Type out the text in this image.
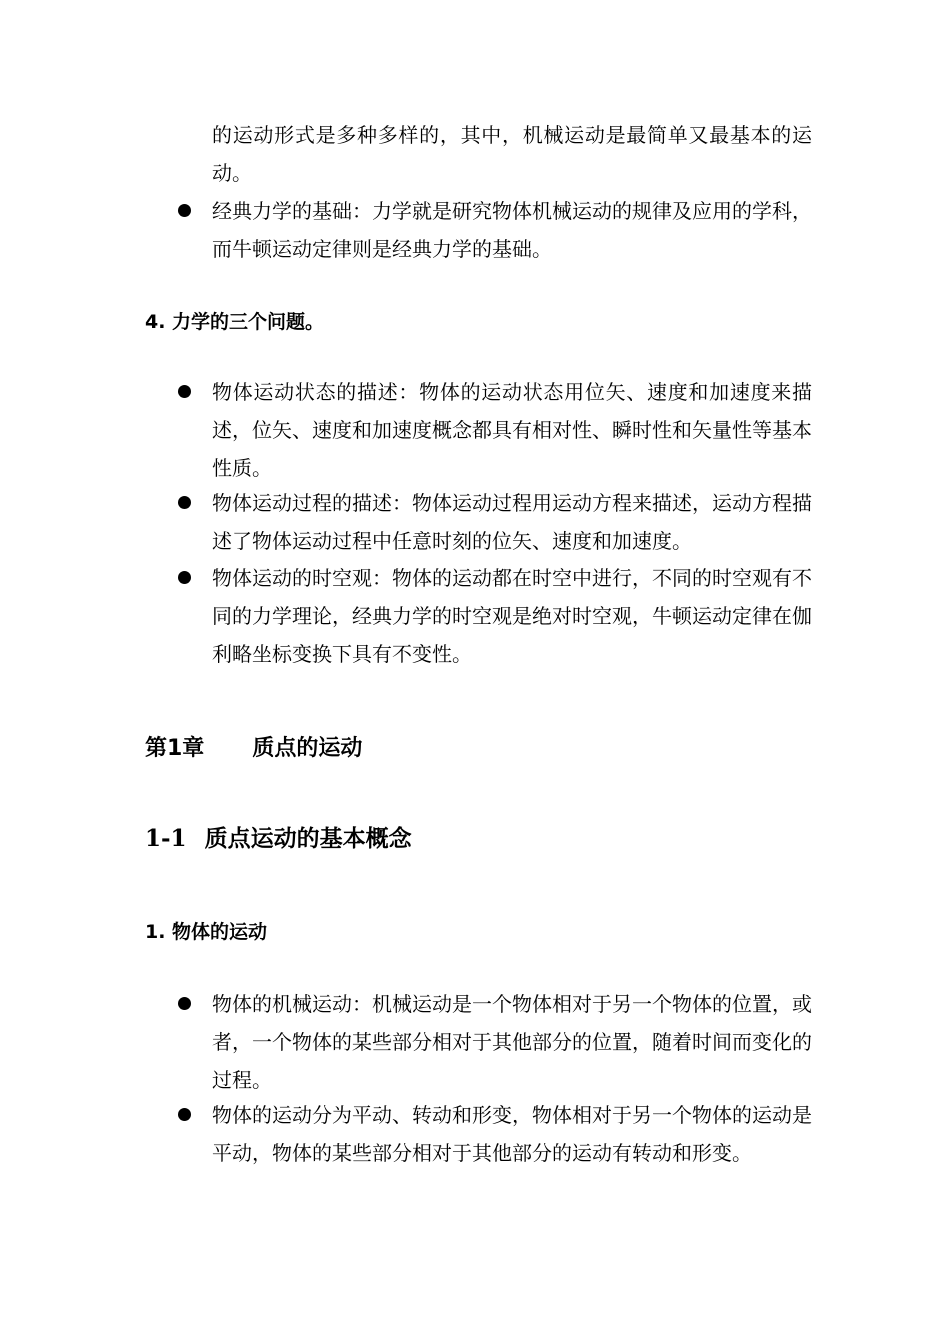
的运动形式是多种多样的，其中，机械运动是最简单又最基本的运动。

经典力学的基础：力学就是研究物体机械运动的规律及应用的学科，而牛顿运动定律则是经典力学的基础。

4. 力学的三个问题。

物体运动状态的描述：物体的运动状态用位矢、速度和加速度来描述，位矢、速度和加速度概念都具有相对性、瞬时性和矢量性等基本性质。

物体运动过程的描述：物体运动过程用运动方程来描述，运动方程描述了物体运动过程中任意时刻的位矢、速度和加速度。

物体运动的时空观：物体的运动都在时空中进行，不同的时空观有不同的力学理论，经典力学的时空观是绝对时空观，牛顿运动定律在伽利略坐标变换下具有不变性。

第1章 质点的运动
1-1 质点运动的基本概念
1. 物体的运动

物体的机械运动：机械运动是一个物体相对于另一个物体的位置，或者，一个物体的某些部分相对于其他部分的位置，随着时间而变化的过程。

物体的运动分为平动、转动和形变，物体相对于另一个物体的运动是平动，物体的某些部分相对于其他部分的运动有转动和形变。
